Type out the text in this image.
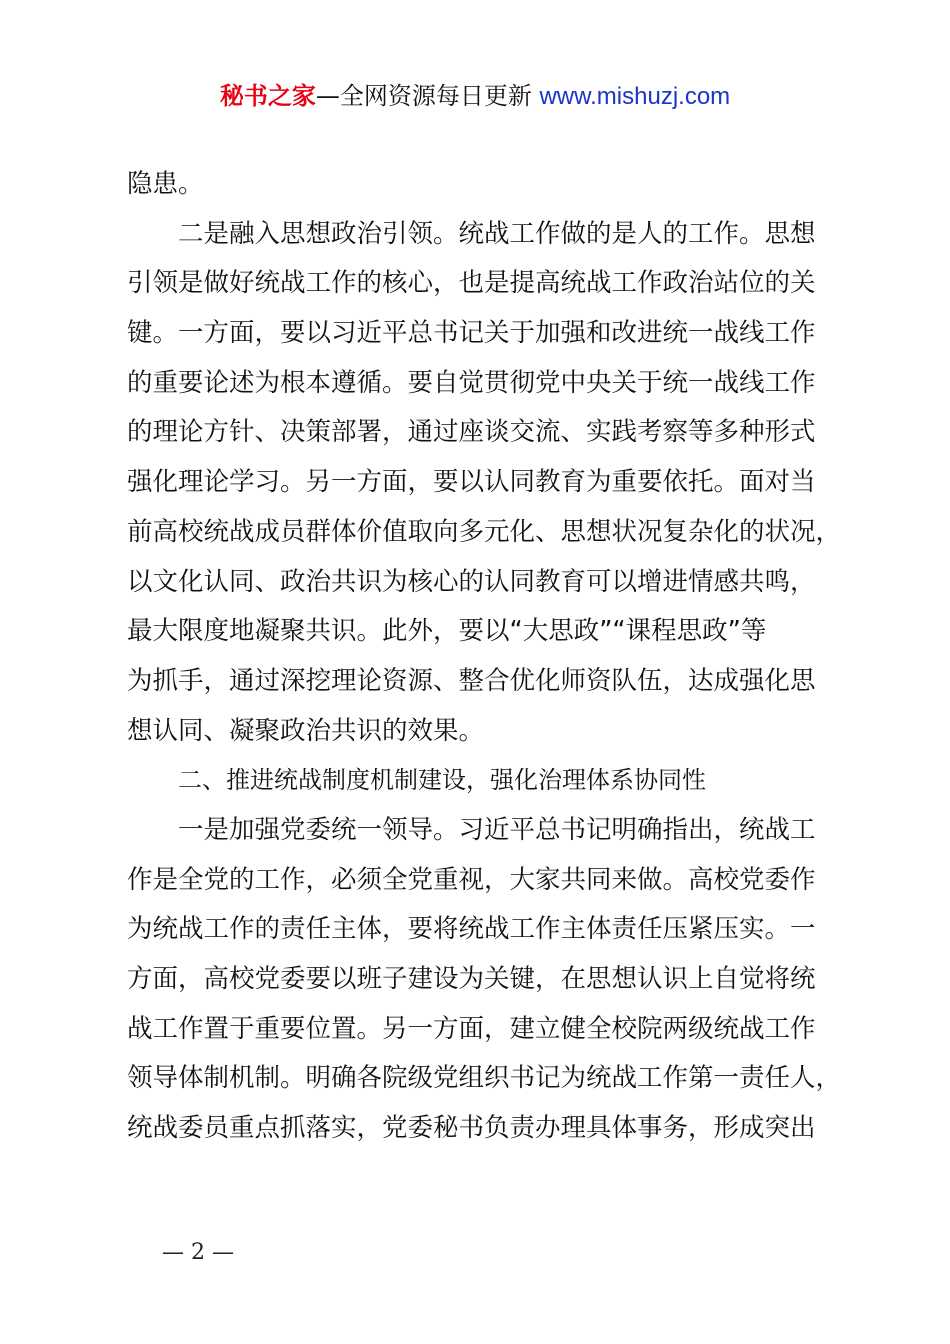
秘书之家—全网资源每日更新 www.mishuzj.com
隐患。
二是融入思想政治引领。统战工作做的是人的工作。思想
引领是做好统战工作的核心，也是提高统战工作政治站位的关
键。一方面，要以习近平总书记关于加强和改进统一战线工作
的重要论述为根本遵循。要自觉贯彻党中央关于统一战线工作
的理论方针、决策部署，通过座谈交流、实践考察等多种形式
强化理论学习。另一方面，要以认同教育为重要依托。面对当
前高校统战成员群体价值取向多元化、思想状况复杂化的状况，
以文化认同、政治共识为核心的认同教育可以增进情感共鸣，
最大限度地凝聚共识。此外，要以“大思政”“课程思政”等
为抓手，通过深挖理论资源、整合优化师资队伍，达成强化思
想认同、凝聚政治共识的效果。
二、推进统战制度机制建设，强化治理体系协同性
一是加强党委统一领导。习近平总书记明确指出，统战工
作是全党的工作，必须全党重视，大家共同来做。高校党委作
为统战工作的责任主体，要将统战工作主体责任压紧压实。一
方面，高校党委要以班子建设为关键，在思想认识上自觉将统
战工作置于重要位置。另一方面，建立健全校院两级统战工作
领导体制机制。明确各院级党组织书记为统战工作第一责任人，
统战委员重点抓落实，党委秘书负责办理具体事务，形成突出
— 2 —
